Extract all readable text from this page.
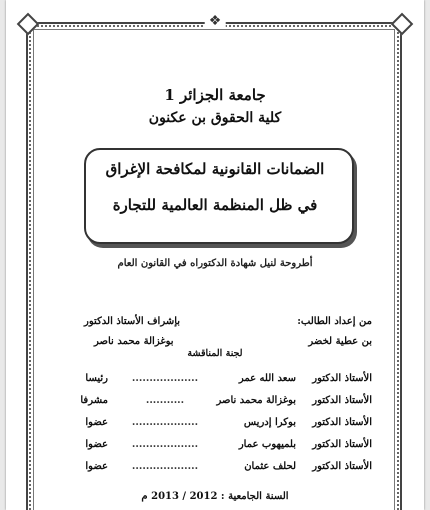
❖
جامعة الجزائر 1
كلية الحقوق بن عكنون
الضمانات القانونية لمكافحة الإغراق
في ظل المنظمة العالمية للتجارة
أطروحة لنيل شهادة الدكتوراه في القانون العام
من إعداد الطالب:
بن عطية لخضر
بإشراف الأستاذ الدكتور
بوغزالة محمد ناصر
لجنة المناقشة
الأستاذ الدكتور
سعد الله عمر
...................
رئيسا
الأستاذ الدكتور
بوغزالة محمد ناصر
...........
مشرفا
الأستاذ الدكتور
بوكرا إدريس
...................
عضوا
الأستاذ الدكتور
بلميهوب عمار
...................
عضوا
الأستاذ الدكتور
لحلف عثمان
...................
عضوا
السنة الجامعية : 2012 / 2013 م
